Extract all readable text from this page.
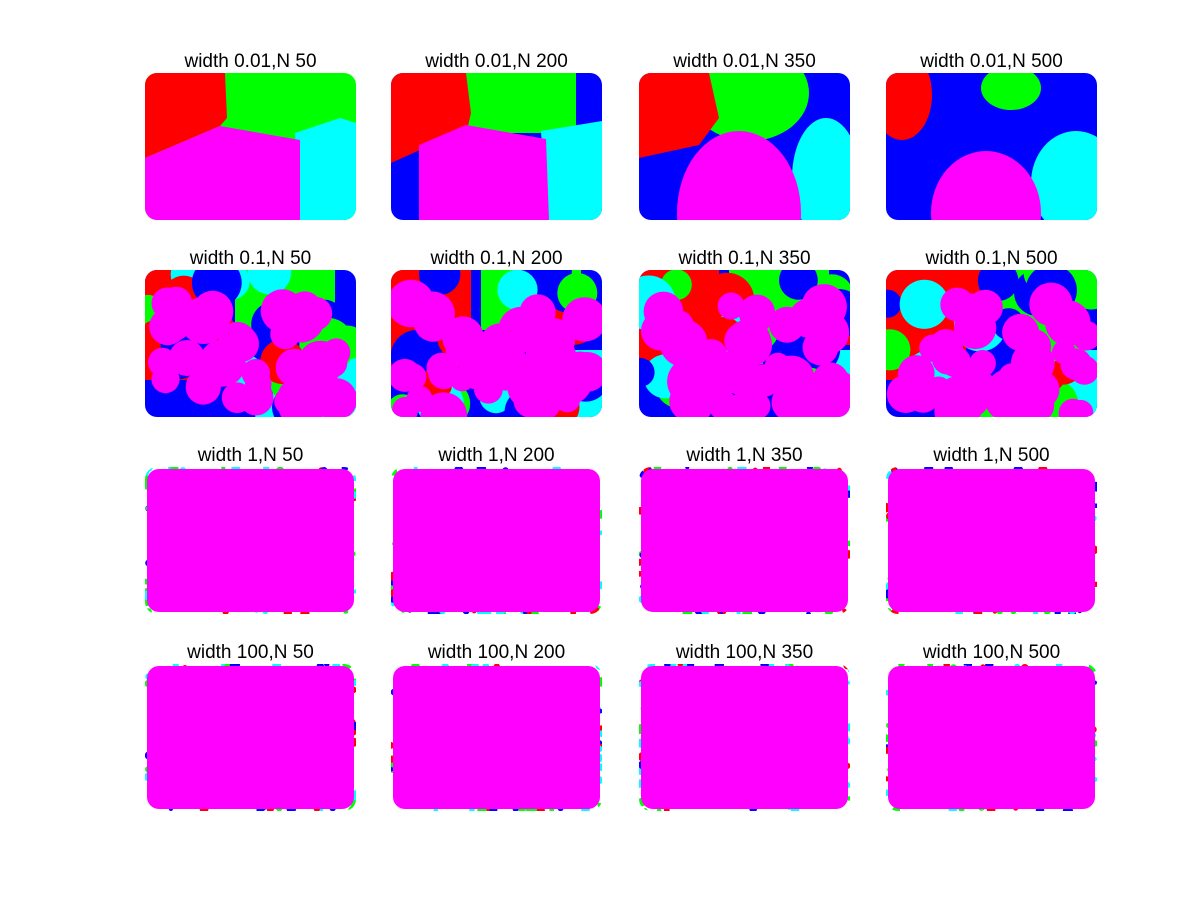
width 0.01,N 50	width 0.01,N 200	width 0.01,N 350	width 0.01,N 500
width 0.1,N 50	width 0.1,N 200	width 0.1,N 350	width 0.1,N 500
width 1,N 50	width 1,N 200	width 1,N 350	width 1,N 500
width 100,N 50	width 100,N 200	width 100,N 350	width 100,N 500
